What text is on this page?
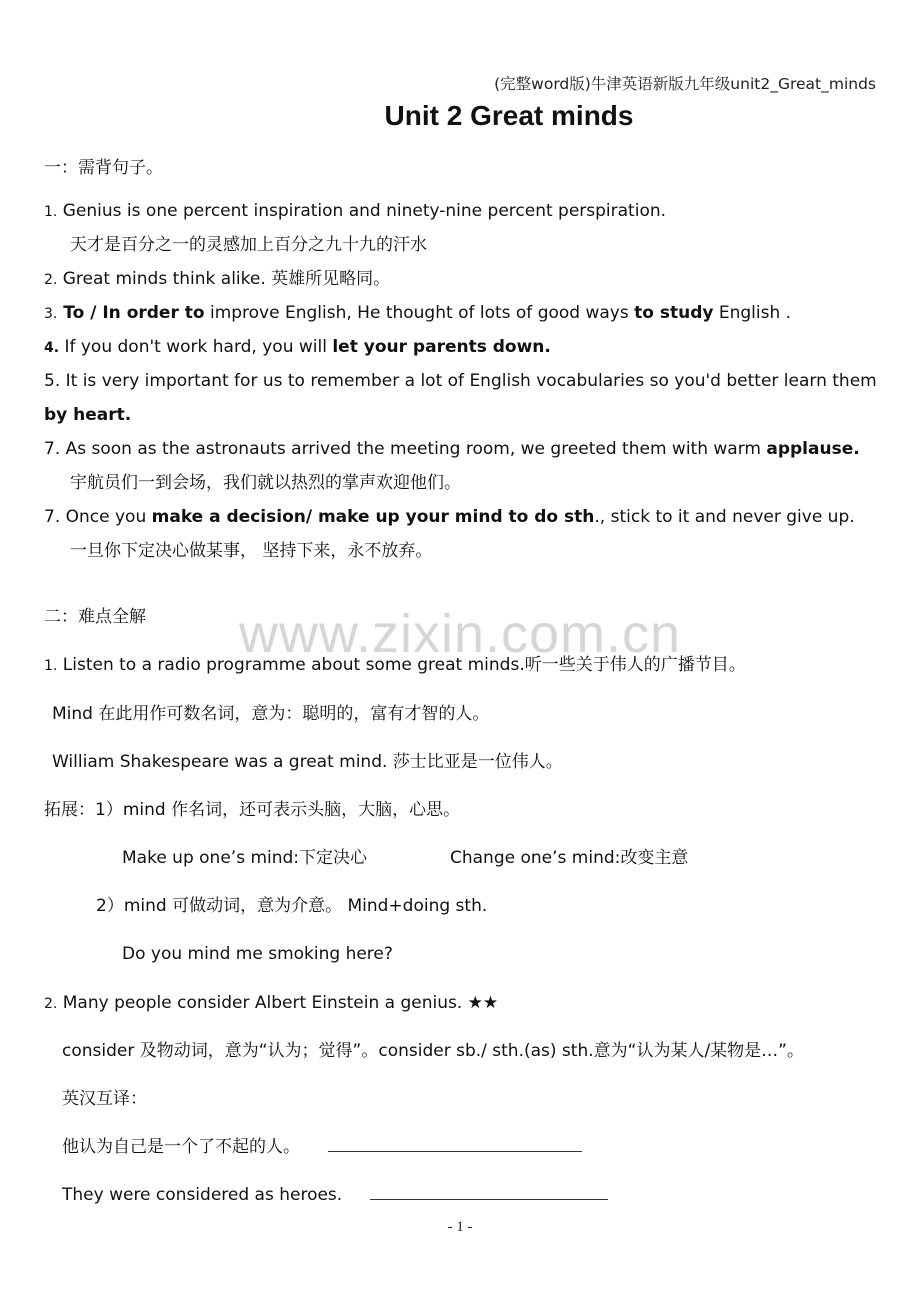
(完整word版)牛津英语新版九年级unit2_Great_minds
Unit 2 Great minds
一：需背句子。
1. Genius is one percent inspiration and ninety-nine percent perspiration.
天才是百分之一的灵感加上百分之九十九的汗水
2. Great minds think alike. 英雄所见略同。
3. To / In order to improve English, He thought of lots of good ways to study English .
4. If you don't work hard, you will let your parents down.
5. It is very important for us to remember a lot of English vocabularies so you'd better learn them
by heart.
7. As soon as the astronauts arrived the meeting room, we greeted them with warm applause.
宇航员们一到会场，我们就以热烈的掌声欢迎他们。
7. Once you make a decision/ make up your mind to do sth., stick to it and never give up.
一旦你下定决心做某事， 坚持下来，永不放弃。
www.zixin.com.cn
二：难点全解
1. Listen to a radio programme about some great minds.听一些关于伟人的广播节目。
Mind 在此用作可数名词，意为：聪明的，富有才智的人。
William Shakespeare was a great mind. 莎士比亚是一位伟人。
拓展：1）mind 作名词，还可表示头脑，大脑，心思。
Make up one’s mind:下定决心	Change one’s mind:改变主意
2）mind 可做动词，意为介意。 Mind+doing sth.
Do you mind me smoking here?
2. Many people consider Albert Einstein a genius. ★★
consider 及物动词，意为“认为；觉得”。consider sb./ sth.(as) sth.意为“认为某人/某物是…”。
英汉互译：
他认为自己是一个了不起的人。
They were considered as heroes.
- 1 -
